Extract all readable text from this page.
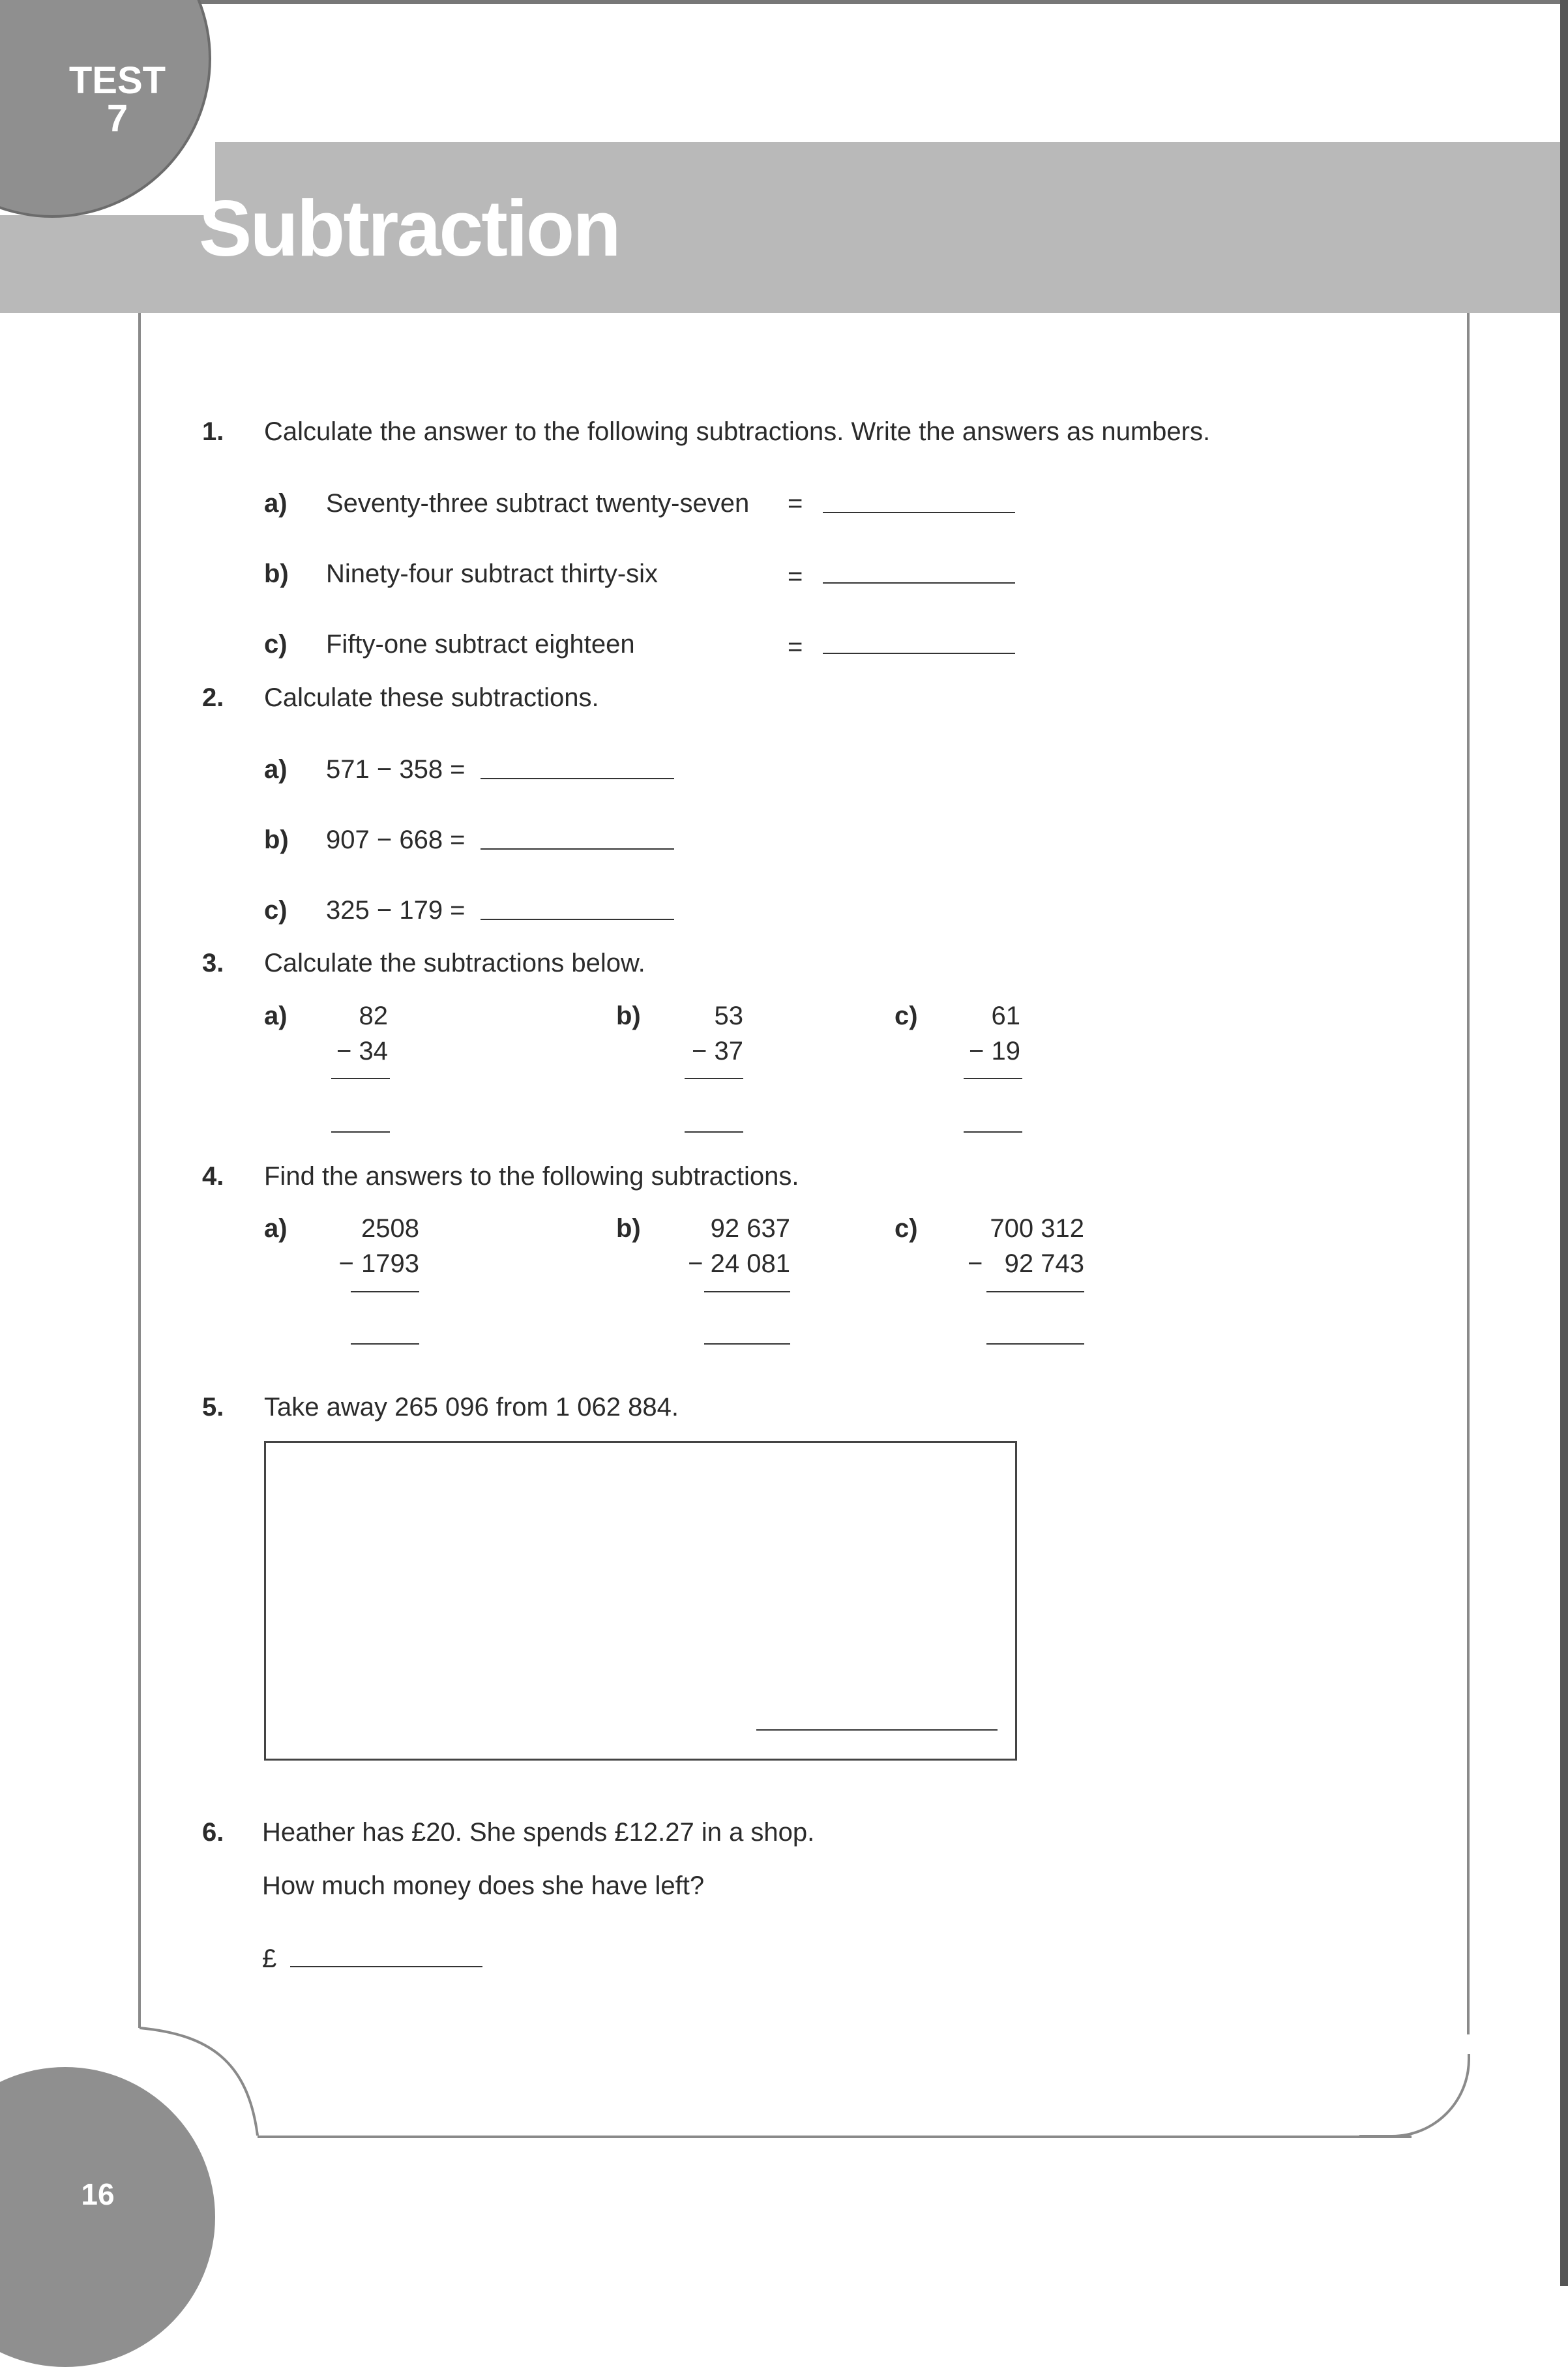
TEST
7
Subtraction
1. Calculate the answer to the following subtractions. Write the answers as numbers.
a) Seventy-three subtract twenty-seven =
b) Ninety-four subtract thirty-six	=
c) Fifty-one subtract eighteen	=
2. Calculate these subtractions.
a) 571 − 358 =
b) 907 − 668 =
c) 325 − 179 =
3. Calculate the subtractions below.
a)	82
− 34
b)	53
− 37
c)	61
− 19
4. Find the answers to the following subtractions.
a)	2508
− 1793
b)	92 637
− 24 081
c)	700 312
−   92 743
5. Take away 265 096 from 1 062 884.
6. Heather has £20. She spends £12.27 in a shop.
How much money does she have left?
£
16
